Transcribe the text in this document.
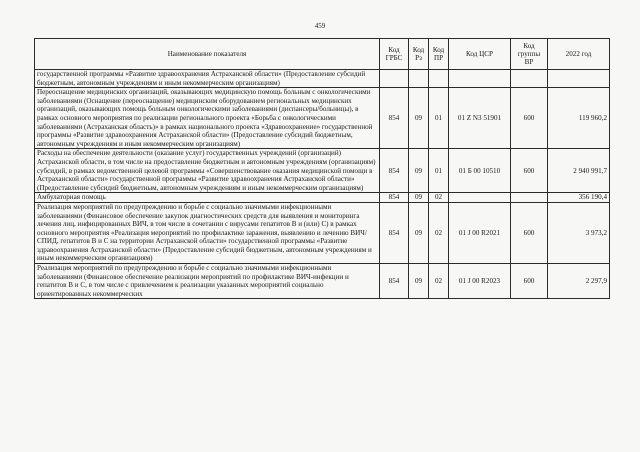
459
Наименование показателя	Код ГРБС	Код Рз	Код ПР	Код ЦСР	Код группы ВР	2022 год
государственной программы «Развитие здравоохранения Астраханской области» (Предоставление субсидий бюджетным, автономным учреждениям и иным некоммерческим организациям)						
Переоснащение медицинских организаций, оказывающих медицинскую помощь больным с онкологическими заболеваниями (Оснащение (переоснащение) медицинским оборудованием региональных медицинских организаций, оказывающих помощь больным онкологическими заболеваниями (диспансеры/больницы), в рамках основного мероприятия по реализации регионального проекта «Борьба с онкологическими заболеваниями (Астраханская область)» в рамках национального проекта «Здравоохранение» государственной программы «Развитие здравоохранения Астраханской области» (Предоставление субсидий бюджетным, автономным учреждениям и иным некоммерческим организациям)	854	09	01	01 Z N3 51901	600	119 960,2
Расходы на обеспечение деятельности (оказание услуг) государственных учреждений (организаций) Астраханской области, в том числе на предоставление бюджетным и автономным учреждениям (организациям) субсидий, в рамках ведомственной целевой программы «Совершенствование оказания медицинской помощи в Астраханской области» государственной программы «Развитие здравоохранения Астраханской области» (Предоставление субсидий бюджетным, автономным учреждениям и иным некоммерческим организациям)	854	09	01	01 Б 00 10510	600	2 940 991,7
Амбулаторная помощь	854	09	02			356 190,4
Реализация мероприятий по предупреждению и борьбе с социально значимыми инфекционными заболеваниями (Финансовое обеспечение закупок диагностических средств для выявления и мониторинга лечения лиц, инфицированных ВИЧ, в том числе в сочетании с вирусами гепатитов В и (или) С) в рамках основного мероприятия «Реализация мероприятий по профилактике заражения, выявлению и лечению ВИЧ/СПИД, гепатитов В и С на территории Астраханской области» государственной программы «Развитие здравоохранения Астраханской области» (Предоставление субсидий бюджетным, автономным учреждениям и иным некоммерческим организациям)	854	09	02	01 J 00 R2021	600	3 973,2
Реализация мероприятий по предупреждению и борьбе с социально значимыми инфекционными заболеваниями (Финансовое обеспечение реализации мероприятий по профилактике ВИЧ-инфекции и гепатитов В и С, в том числе с привлечением к реализации указанных мероприятий социально ориентированных некоммерческих	854	09	02	01 J 00 R2023	600	2 297,9
